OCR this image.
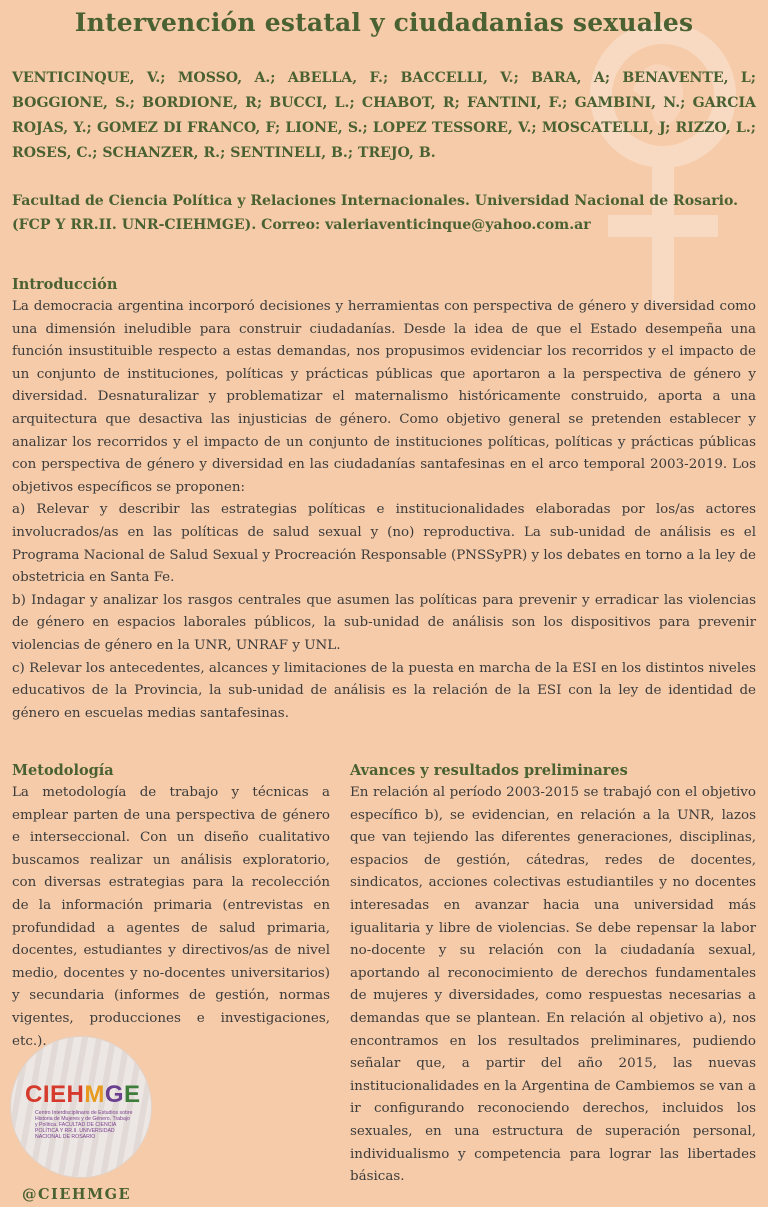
Intervención estatal y ciudadanias sexuales

VENTICINQUE, V.; MOSSO, A.; ABELLA, F.; BACCELLI, V.; BARA, A; BENAVENTE, L; BOGGIONE, S.; BORDIONE, R; BUCCI, L.; CHABOT, R; FANTINI, F.; GAMBINI, N.; GARCIA ROJAS, Y.; GOMEZ DI FRANCO, F; LIONE, S.; LOPEZ TESSORE, V.; MOSCATELLI, J; RIZZO, L.; ROSES, C.; SCHANZER, R.; SENTINELI, B.; TREJO, B.

Facultad de Ciencia Política y Relaciones Internacionales. Universidad Nacional de Rosario. (FCP Y RR.II. UNR-CIEHMGE). Correo: valeriaventicinque@yahoo.com.ar

Introducción

La democracia argentina incorporó decisiones y herramientas con perspectiva de género y diversidad como una dimensión ineludible para construir ciudadanías. Desde la idea de que el Estado desempeña una función insustituible respecto a estas demandas, nos propusimos evidenciar los recorridos y el impacto de un conjunto de instituciones, políticas y prácticas públicas que aportaron a la perspectiva de género y diversidad. Desnaturalizar y problematizar el maternalismo históricamente construido, aporta a una arquitectura que desactiva las injusticias de género. Como objetivo general se pretenden establecer y analizar los recorridos y el impacto de un conjunto de instituciones políticas, políticas y prácticas públicas con perspectiva de género y diversidad en las ciudadanías santafesinas en el arco temporal 2003-2019. Los objetivos específicos se proponen:

a) Relevar y describir las estrategias políticas e institucionalidades elaboradas por los/as actores involucrados/as en las políticas de salud sexual y (no) reproductiva. La sub-unidad de análisis es el Programa Nacional de Salud Sexual y Procreación Responsable (PNSSyPR) y los debates en torno a la ley de obstetricia en Santa Fe.

b) Indagar y analizar los rasgos centrales que asumen las políticas para prevenir y erradicar las violencias de género en espacios laborales públicos, la sub-unidad de análisis son los dispositivos para prevenir violencias de género en la UNR, UNRAF y UNL.

c) Relevar los antecedentes, alcances y limitaciones de la puesta en marcha de la ESI en los distintos niveles educativos de la Provincia, la sub-unidad de análisis es la relación de la ESI con la ley de identidad de género en escuelas medias santafesinas.

Metodología

La metodología de trabajo y técnicas a emplear parten de una perspectiva de género e interseccional. Con un diseño cualitativo buscamos realizar un análisis exploratorio, con diversas estrategias para la recolección de la información primaria (entrevistas en profundidad a agentes de salud primaria, docentes, estudiantes y directivos/as de nivel medio, docentes y no-docentes universitarios) y secundaria (informes de gestión, normas vigentes, producciones e investigaciones,

Avances y resultados preliminares

En relación al período 2003-2015 se trabajó con el objetivo específico b), se evidencian, en relación a la UNR, lazos que van tejiendo las diferentes generaciones, disciplinas, espacios de gestión, cátedras, redes de docentes, sindicatos, acciones colectivas estudiantiles y no docentes interesadas en avanzar hacia una universidad más igualitaria y libre de violencias. Se debe repensar la labor no-docente y su relación con la ciudadanía sexual, aportando al reconocimiento de derechos fundamentales de mujeres y diversidades, como respuestas necesarias a demandas que se plantean. En relación al objetivo a), nos encontramos en los resultados preliminares, pudiendo señalar que, a partir del año 2015, las nuevas institucionalidades en la Argentina de Cambiemos se van a ir configurando reconociendo derechos, incluidos los sexuales, en una estructura de superación personal, individualismo y competencia para lograr las libertades básicas.

CIEHMGE
Centro Interdisciplinario de Estudios sobre Historia de Mujeres y de Género. Trabajo y Política. FACULTAD DE CIENCIA POLÍTICA Y RR.II. UNIVERSIDAD NACIONAL DE ROSARIO

@CIEHMGE
